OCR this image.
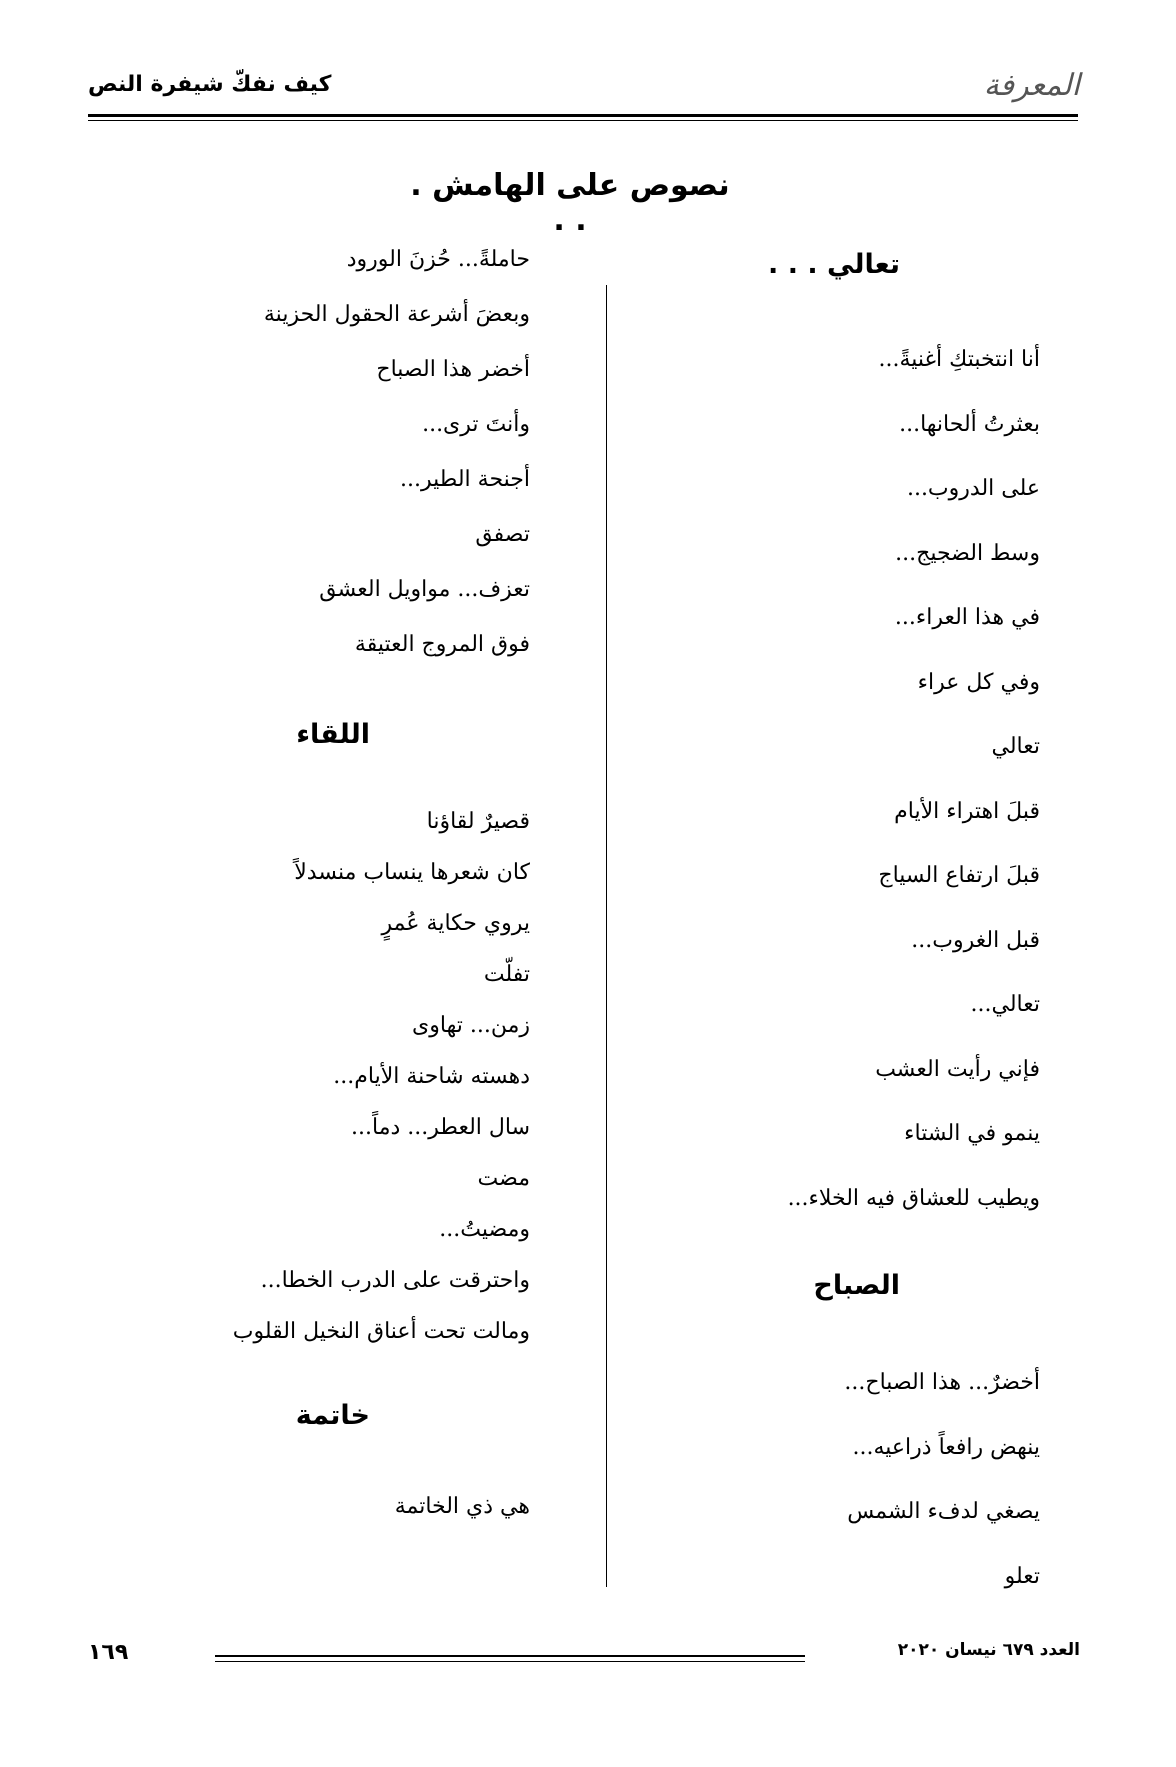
المعرفة
كيف نفكّ شيفرة النص
نصوص على الهامش . . .
تعالي . . .
أنا انتخبتكِ أغنيةً...
بعثرتُ ألحانها...
على الدروب...
وسط الضجيج...
في هذا العراء...
وفي كل عراء
تعالي
قبلَ اهتراء الأيام
قبلَ ارتفاع السياج
قبل الغروب...
تعالي...
فإني رأيت العشب
ينمو في الشتاء
ويطيب للعشاق فيه الخلاء...
الصباح
أخضرٌ... هذا الصباح...
ينهض رافعاً ذراعيه...
يصغي لدفء الشمس
تعلو
حاملةً... حُزنَ الورود
وبعضَ أشرعة الحقول الحزينة
أخضر هذا الصباح
وأنتَ ترى...
أجنحة الطير...
تصفق
تعزف... مواويل العشق
فوق المروج العتيقة
اللقاء
قصيرٌ لقاؤنا
كان شعرها ينساب منسدلاً
يروي حكاية عُمرٍ
تفلّت
زمن... تهاوى
دهسته شاحنة الأيام...
سال العطر... دماً...
مضت
ومضيتُ...
واحترقت على الدرب الخطا...
ومالت تحت أعناق النخيل القلوب
خاتمة
هي ذي الخاتمة
١٦٩	العدد ٦٧٩ نيسان ٢٠٢٠
